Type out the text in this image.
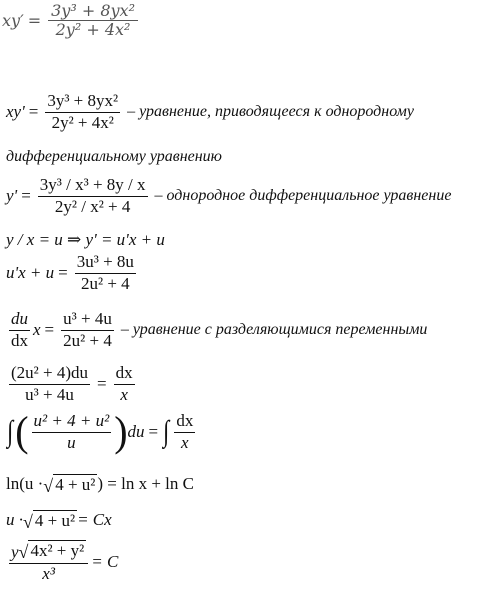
$xy' = \frac{\text{3y³ + 8yx²}}{\text{2y² + 4x²}}$
$xy' = \frac{\text{3y³ + 8yx²}}{\text{2y² + 4x²}}$ – уравнение, приводящееся к однородному
дифференциальному уравнению
$y' = \frac{\text{3y³ / x³ + 8y / x}}{\text{2y² / x² + 4}}$ – однородное дифференциальное уравнение
y / x = u ⇒ y' = u'x + u
$u'x + u = \frac{\text{3u³ + 8u}}{\text{2u² + 4}}$
$\frac{du}{dx}$ $x = \frac{\text{u³ + 4u}}{\text{2u² + 4}}$ – уравнение с разделяющимися переменными
$\frac{\text{(2u² + 4)du}}{\text{u³ + 4u}} = \frac{dx}{x}$
∫ ( $\frac{\text{u² + 4 + u²}}{u}$ ) du = ∫ $\frac{dx}{x}$
ln(u · √ 4 + u² ) = ln x + ln C
u · √ 4 + u² = Cx
$\frac{\text{y √ 4x² + y²}}{\text{x³}} = C$
